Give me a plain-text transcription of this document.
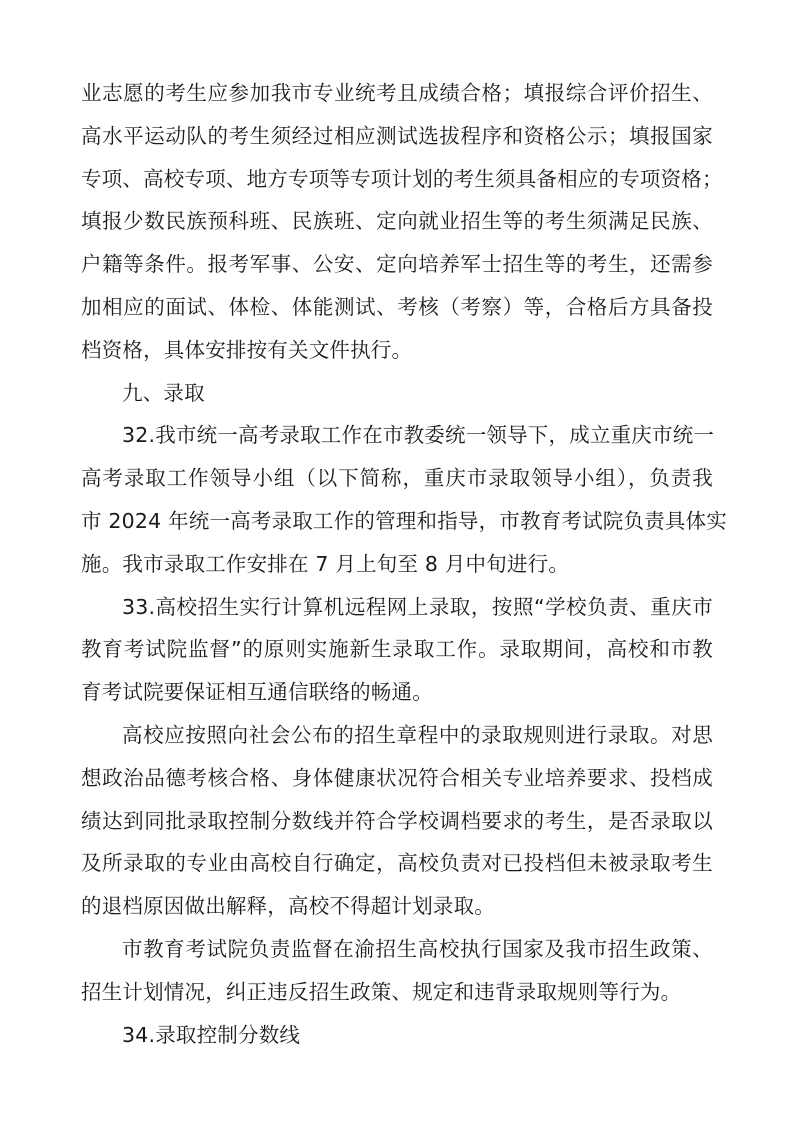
业志愿的考生应参加我市专业统考且成绩合格；填报综合评价招生、
高水平运动队的考生须经过相应测试选拔程序和资格公示；填报国家
专项、高校专项、地方专项等专项计划的考生须具备相应的专项资格；
填报少数民族预科班、民族班、定向就业招生等的考生须满足民族、
户籍等条件。报考军事、公安、定向培养军士招生等的考生，还需参
加相应的面试、体检、体能测试、考核（考察）等，合格后方具备投
档资格，具体安排按有关文件执行。

九、录取

32.我市统一高考录取工作在市教委统一领导下，成立重庆市统一
高考录取工作领导小组（以下简称，重庆市录取领导小组），负责我
市 2024 年统一高考录取工作的管理和指导，市教育考试院负责具体实
施。我市录取工作安排在 7 月上旬至 8 月中旬进行。

33.高校招生实行计算机远程网上录取，按照“学校负责、重庆市
教育考试院监督”的原则实施新生录取工作。录取期间，高校和市教
育考试院要保证相互通信联络的畅通。

高校应按照向社会公布的招生章程中的录取规则进行录取。对思
想政治品德考核合格、身体健康状况符合相关专业培养要求、投档成
绩达到同批录取控制分数线并符合学校调档要求的考生，是否录取以
及所录取的专业由高校自行确定，高校负责对已投档但未被录取考生
的退档原因做出解释，高校不得超计划录取。

市教育考试院负责监督在渝招生高校执行国家及我市招生政策、
招生计划情况，纠正违反招生政策、规定和违背录取规则等行为。

34.录取控制分数线
